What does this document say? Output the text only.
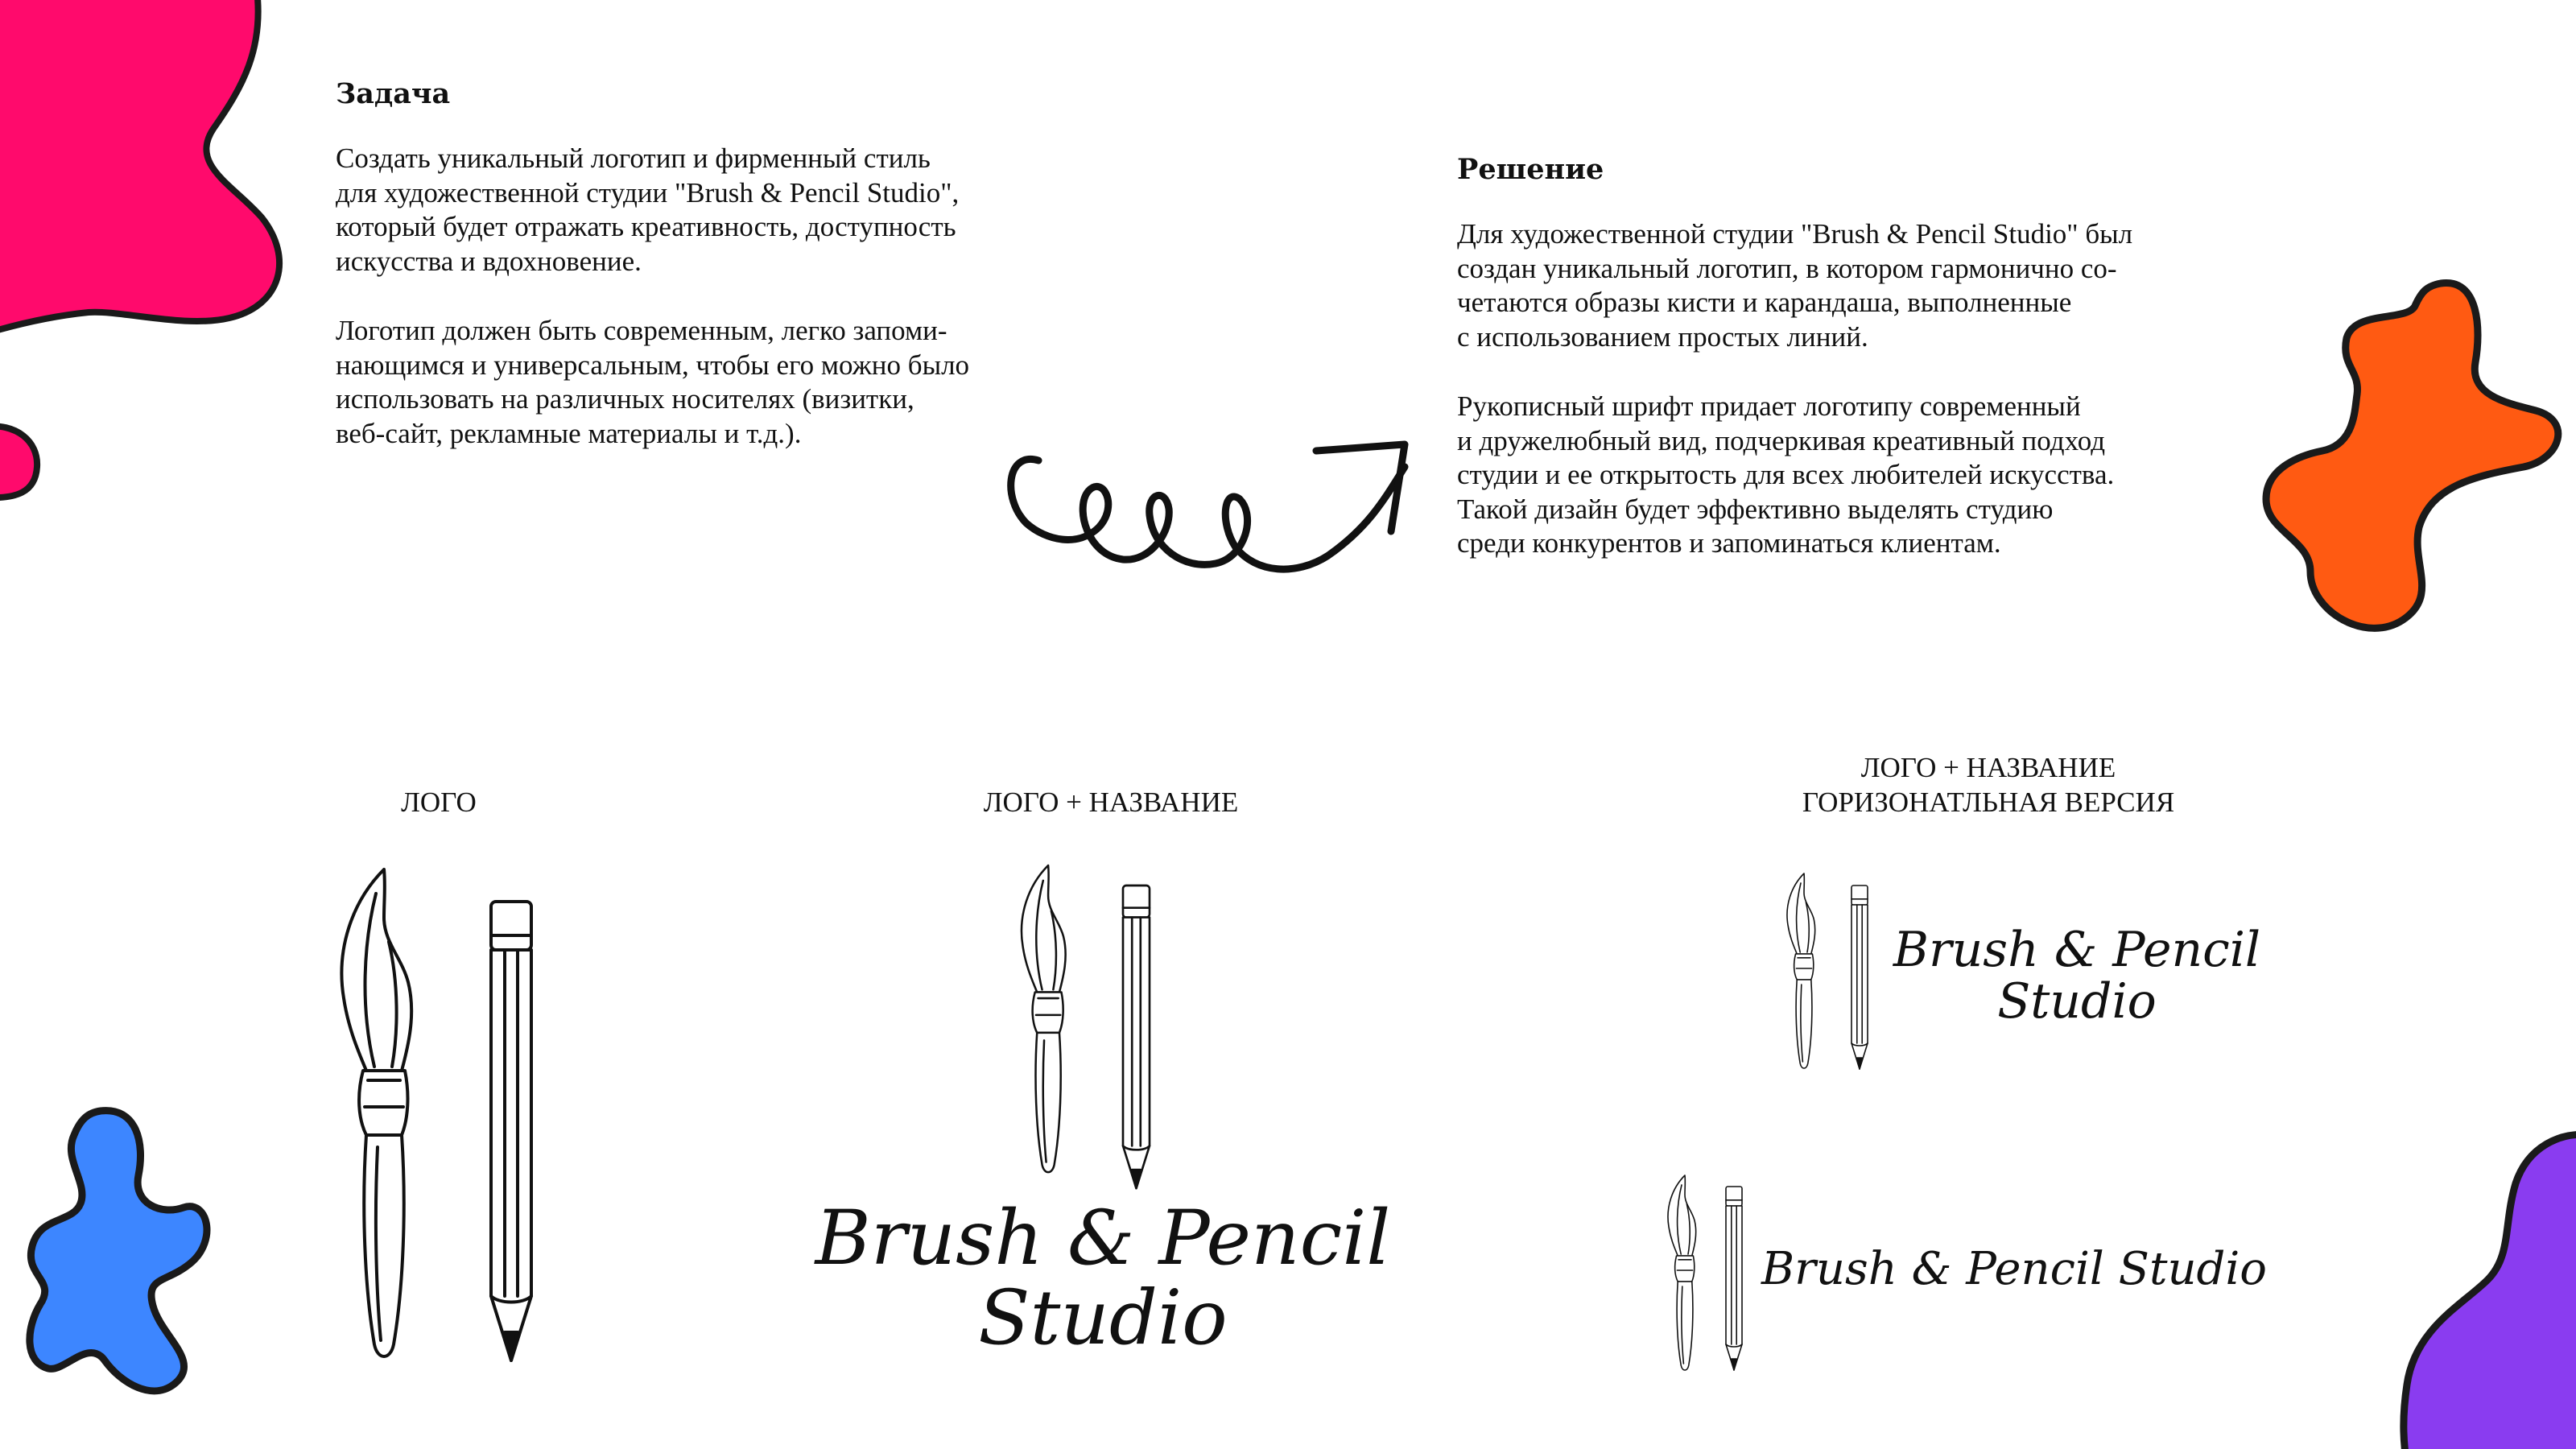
Задача
Создать уникальный логотип и фирменный стиль
для художественной студии "Brush & Pencil Studio",
который будет отражать креативность, доступность
искусства и вдохновение.
Логотип должен быть современным, легко запоми-
нающимся и универсальным, чтобы его можно было
использовать на различных носителях (визитки,
веб-сайт, рекламные материалы и т.д.).
Решение
Для художественной студии "Brush & Pencil Studio" был
создан уникальный логотип, в котором гармонично со-
четаются образы кисти и карандаша, выполненные
с использованием простых линий.
Рукописный шрифт придает логотипу современный
и дружелюбный вид, подчеркивая креативный подход
студии и ее открытость для всех любителей искусства.
Такой дизайн будет эффективно выделять студию
среди конкурентов и запоминаться клиентам.
ЛОГО	ЛОГО + НАЗВАНИЕ
ЛОГО + НАЗВАНИЕ
ГОРИЗОНАТЛЬНАЯ ВЕРСИЯ
Brush & Pencil
Studio
Brush & Pencil
Studio
Brush & Pencil Studio
